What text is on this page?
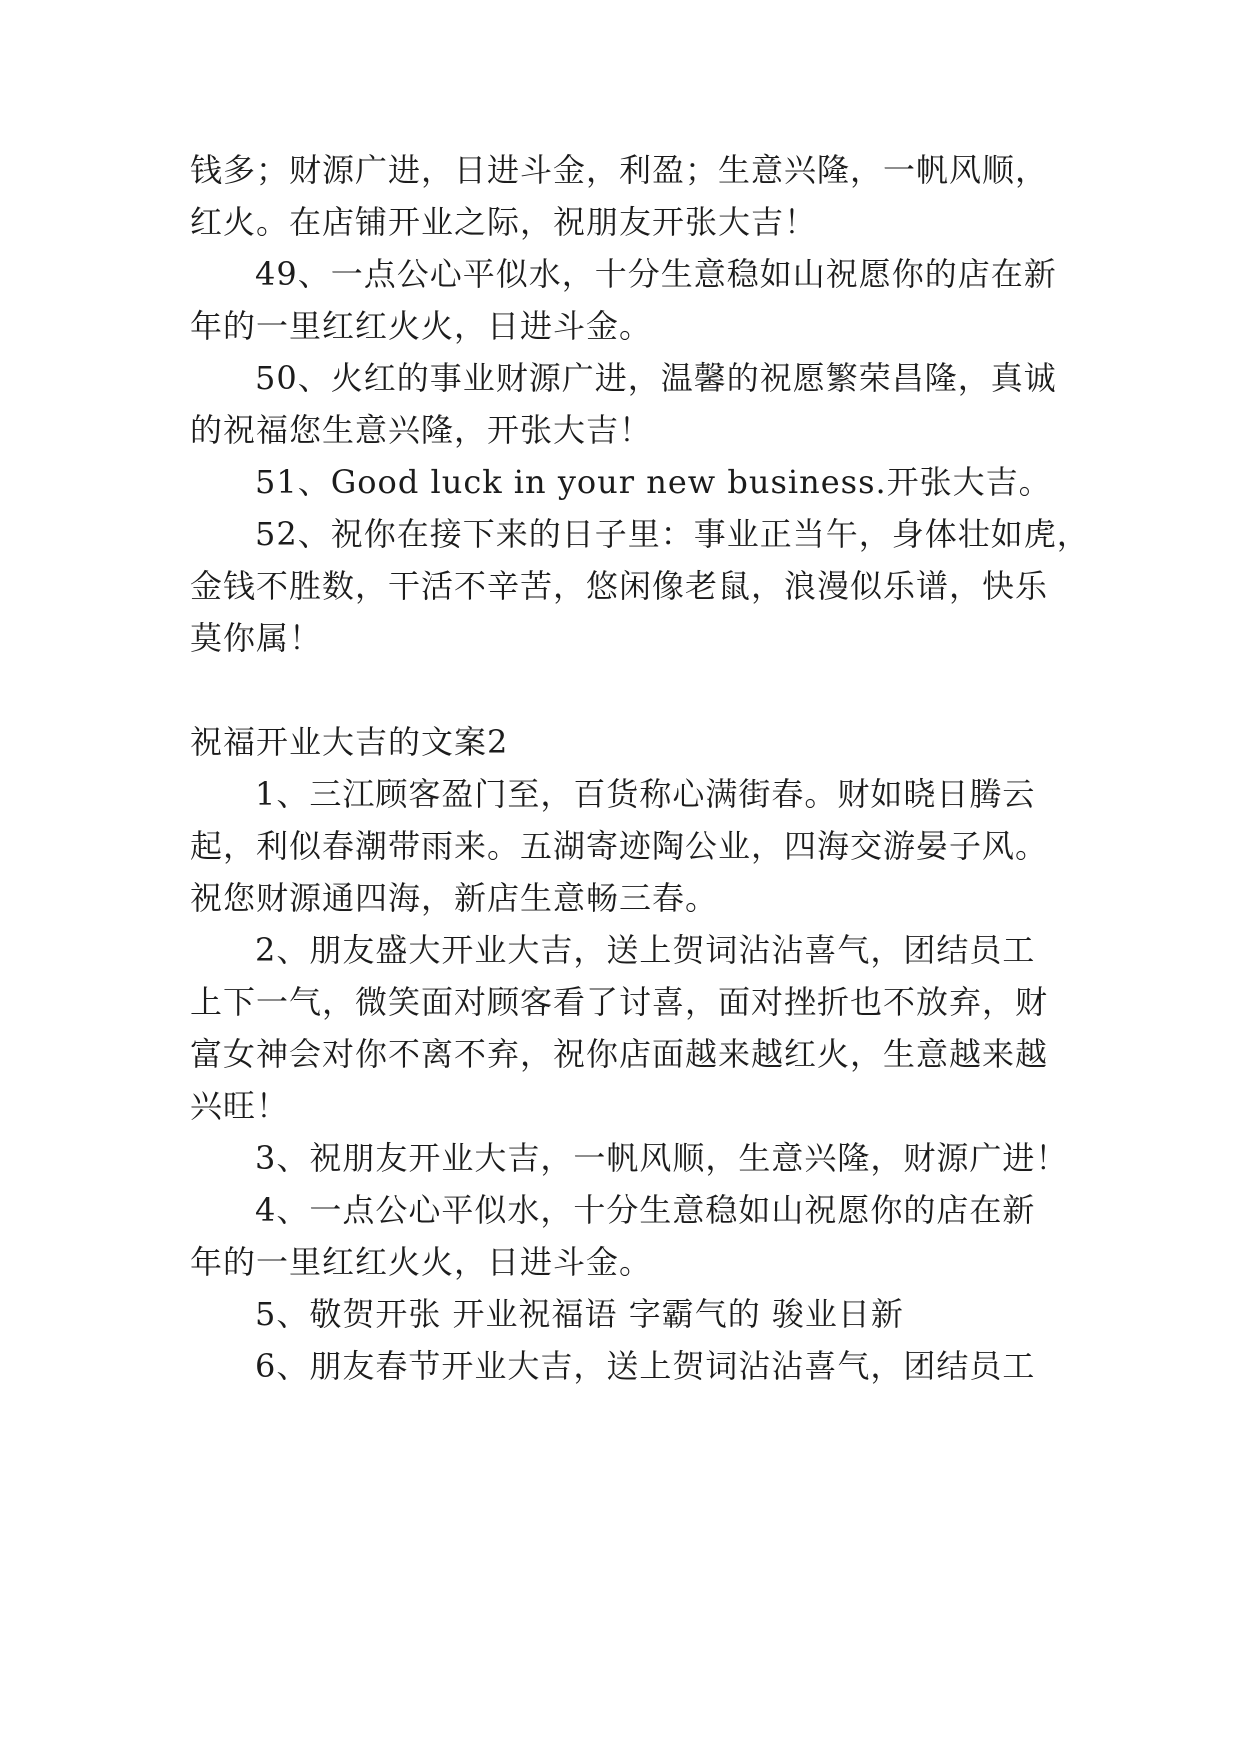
钱多；财源广进，日进斗金，利盈；生意兴隆，一帆风顺，
红火。在店铺开业之际，祝朋友开张大吉！
49、一点公心平似水，十分生意稳如山祝愿你的店在新
年的一里红红火火，日进斗金。
50、火红的事业财源广进，温馨的祝愿繁荣昌隆，真诚
的祝福您生意兴隆，开张大吉！
51、Good luck in your new business.开张大吉。
52、祝你在接下来的日子里：事业正当午，身体壮如虎，
金钱不胜数，干活不辛苦，悠闲像老鼠，浪漫似乐谱，快乐
莫你属！
祝福开业大吉的文案2
1、三江顾客盈门至，百货称心满街春。财如晓日腾云
起，利似春潮带雨来。五湖寄迹陶公业，四海交游晏子风。
祝您财源通四海，新店生意畅三春。
2、朋友盛大开业大吉，送上贺词沾沾喜气，团结员工
上下一气，微笑面对顾客看了讨喜，面对挫折也不放弃，财
富女神会对你不离不弃，祝你店面越来越红火，生意越来越
兴旺！
3、祝朋友开业大吉，一帆风顺，生意兴隆，财源广进！
4、一点公心平似水，十分生意稳如山祝愿你的店在新
年的一里红红火火，日进斗金。
5、敬贺开张 开业祝福语 字霸气的 骏业日新
6、朋友春节开业大吉，送上贺词沾沾喜气，团结员工
